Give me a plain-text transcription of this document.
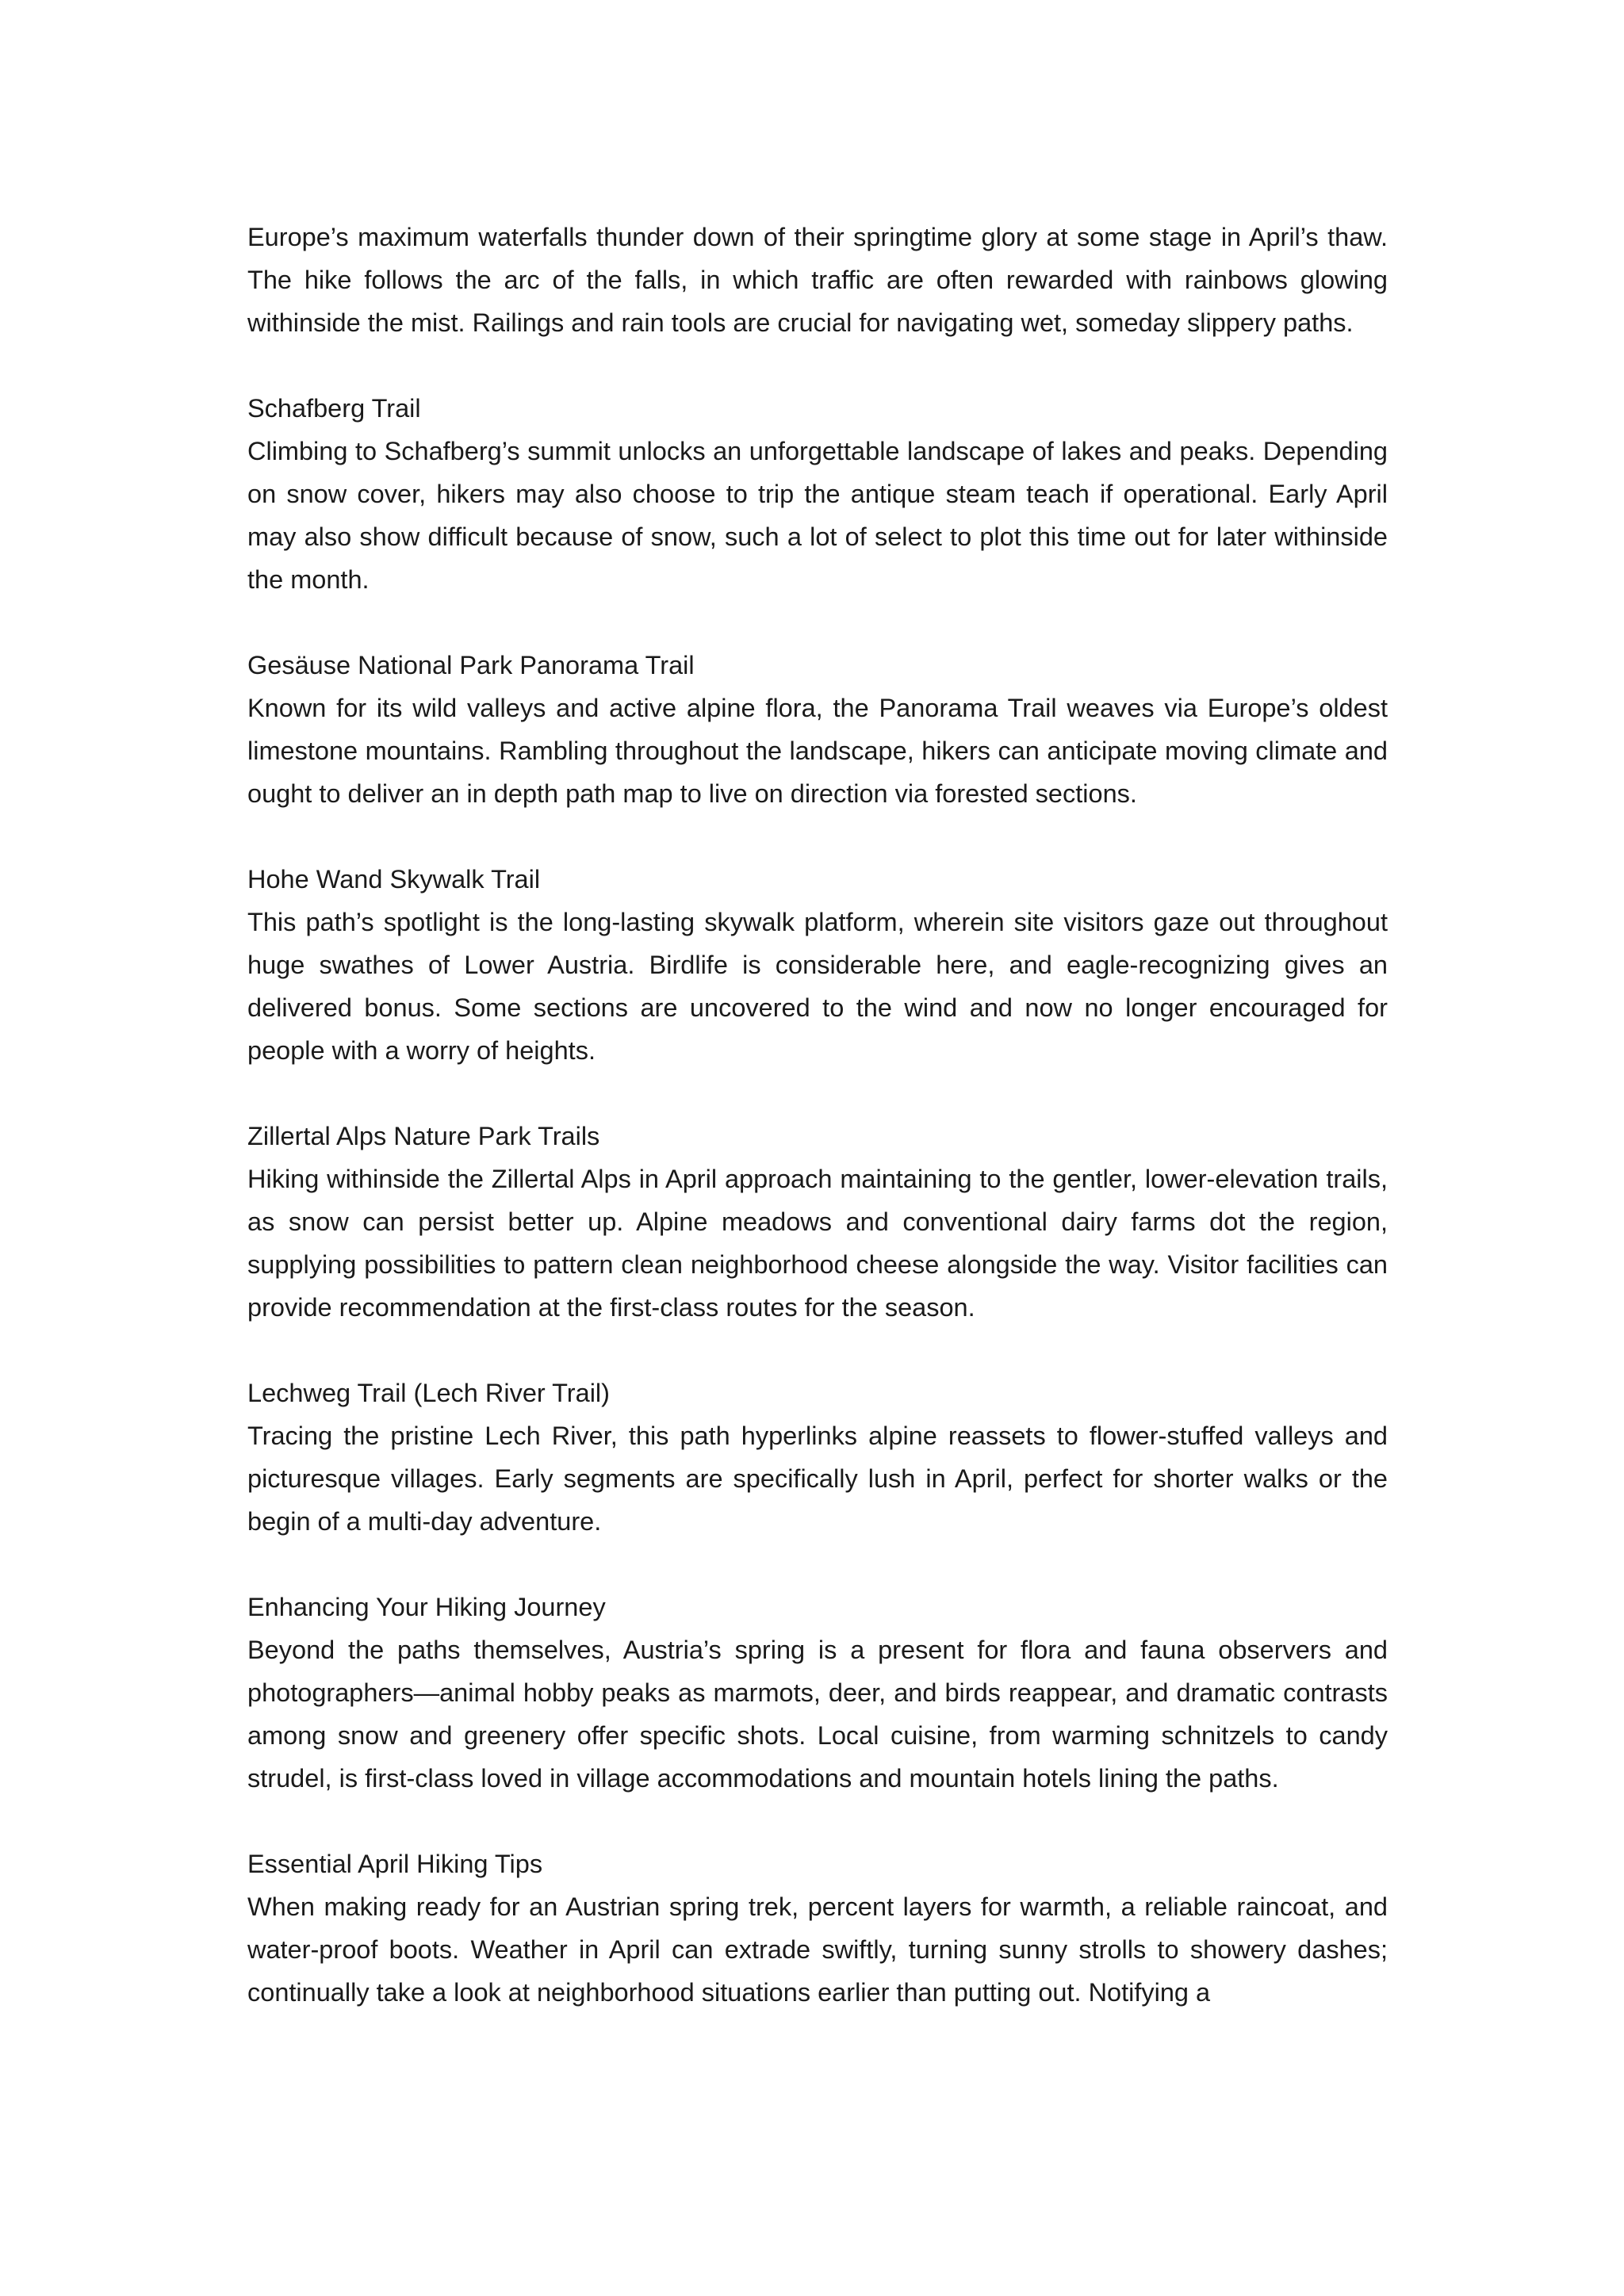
Europe’s maximum waterfalls thunder down of their springtime glory at some stage in April’s thaw. The hike follows the arc of the falls, in which traffic are often rewarded with rainbows glowing withinside the mist. Railings and rain tools are crucial for navigating wet, someday slippery paths.

Schafberg Trail

Climbing to Schafberg’s summit unlocks an unforgettable landscape of lakes and peaks. Depending on snow cover, hikers may also choose to trip the antique steam teach if operational. Early April may also show difficult because of snow, such a lot of select to plot this time out for later withinside the month.

Gesäuse National Park Panorama Trail

Known for its wild valleys and active alpine flora, the Panorama Trail weaves via Europe’s oldest limestone mountains. Rambling throughout the landscape, hikers can anticipate moving climate and ought to deliver an in depth path map to live on direction via forested sections.

Hohe Wand Skywalk Trail

This path’s spotlight is the long-lasting skywalk platform, wherein site visitors gaze out throughout huge swathes of Lower Austria. Birdlife is considerable here, and eagle-recognizing gives an delivered bonus. Some sections are uncovered to the wind and now no longer encouraged for people with a worry of heights.

Zillertal Alps Nature Park Trails

Hiking withinside the Zillertal Alps in April approach maintaining to the gentler, lower-elevation trails, as snow can persist better up. Alpine meadows and conventional dairy farms dot the region, supplying possibilities to pattern clean neighborhood cheese alongside the way. Visitor facilities can provide recommendation at the first-class routes for the season.

Lechweg Trail (Lech River Trail)

Tracing the pristine Lech River, this path hyperlinks alpine reassets to flower-stuffed valleys and picturesque villages. Early segments are specifically lush in April, perfect for shorter walks or the begin of a multi-day adventure.

Enhancing Your Hiking Journey

Beyond the paths themselves, Austria’s spring is a present for flora and fauna observers and photographers—animal hobby peaks as marmots, deer, and birds reappear, and dramatic contrasts among snow and greenery offer specific shots. Local cuisine, from warming schnitzels to candy strudel, is first-class loved in village accommodations and mountain hotels lining the paths.

Essential April Hiking Tips

When making ready for an Austrian spring trek, percent layers for warmth, a reliable raincoat, and water-proof boots. Weather in April can extrade swiftly, turning sunny strolls to showery dashes; continually take a look at neighborhood situations earlier than putting out. Notifying a
